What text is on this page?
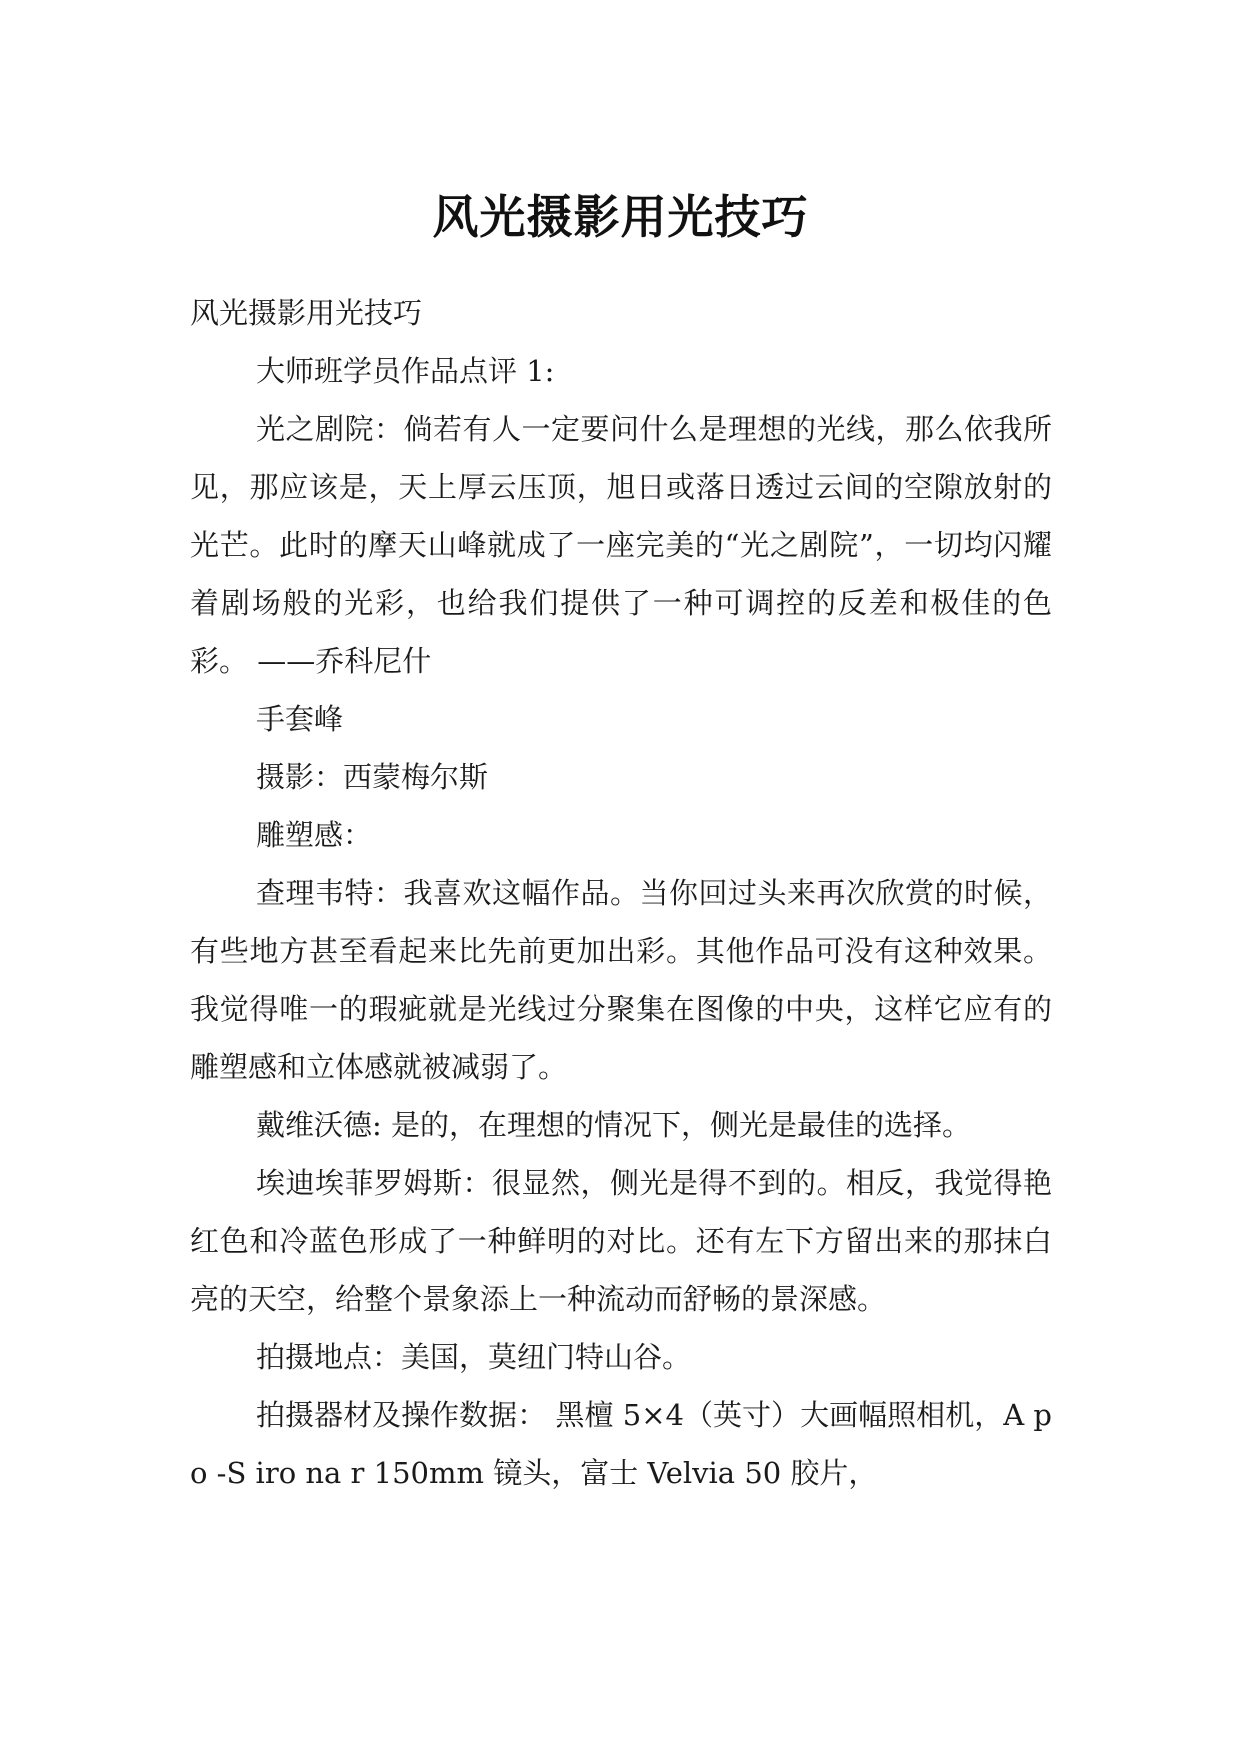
风光摄影用光技巧

风光摄影用光技巧

大师班学员作品点评 1:

光之剧院：倘若有人一定要问什么是理想的光线，那么依我所见，那应该是，天上厚云压顶，旭日或落日透过云间的空隙放射的光芒。此时的摩天山峰就成了一座完美的“光之剧院”，一切均闪耀着剧场般的光彩，也给我们提供了一种可调控的反差和极佳的色彩。 ——乔科尼什

手套峰

摄影：西蒙梅尔斯

雕塑感：

查理韦特：我喜欢这幅作品。当你回过头来再次欣赏的时候，有些地方甚至看起来比先前更加出彩。其他作品可没有这种效果。我觉得唯一的瑕疵就是光线过分聚集在图像的中央，这样它应有的雕塑感和立体感就被减弱了。

戴维沃德: 是的，在理想的情况下，侧光是最佳的选择。

埃迪埃菲罗姆斯：很显然，侧光是得不到的。相反，我觉得艳红色和冷蓝色形成了一种鲜明的对比。还有左下方留出来的那抹白亮的天空，给整个景象添上一种流动而舒畅的景深感。

拍摄地点：美国，莫纽门特山谷。

拍摄器材及操作数据： 黑檀 5×4（英寸）大画幅照相机，A po -S iro na r 150mm 镜头，富士 Velvia 50 胶片，
